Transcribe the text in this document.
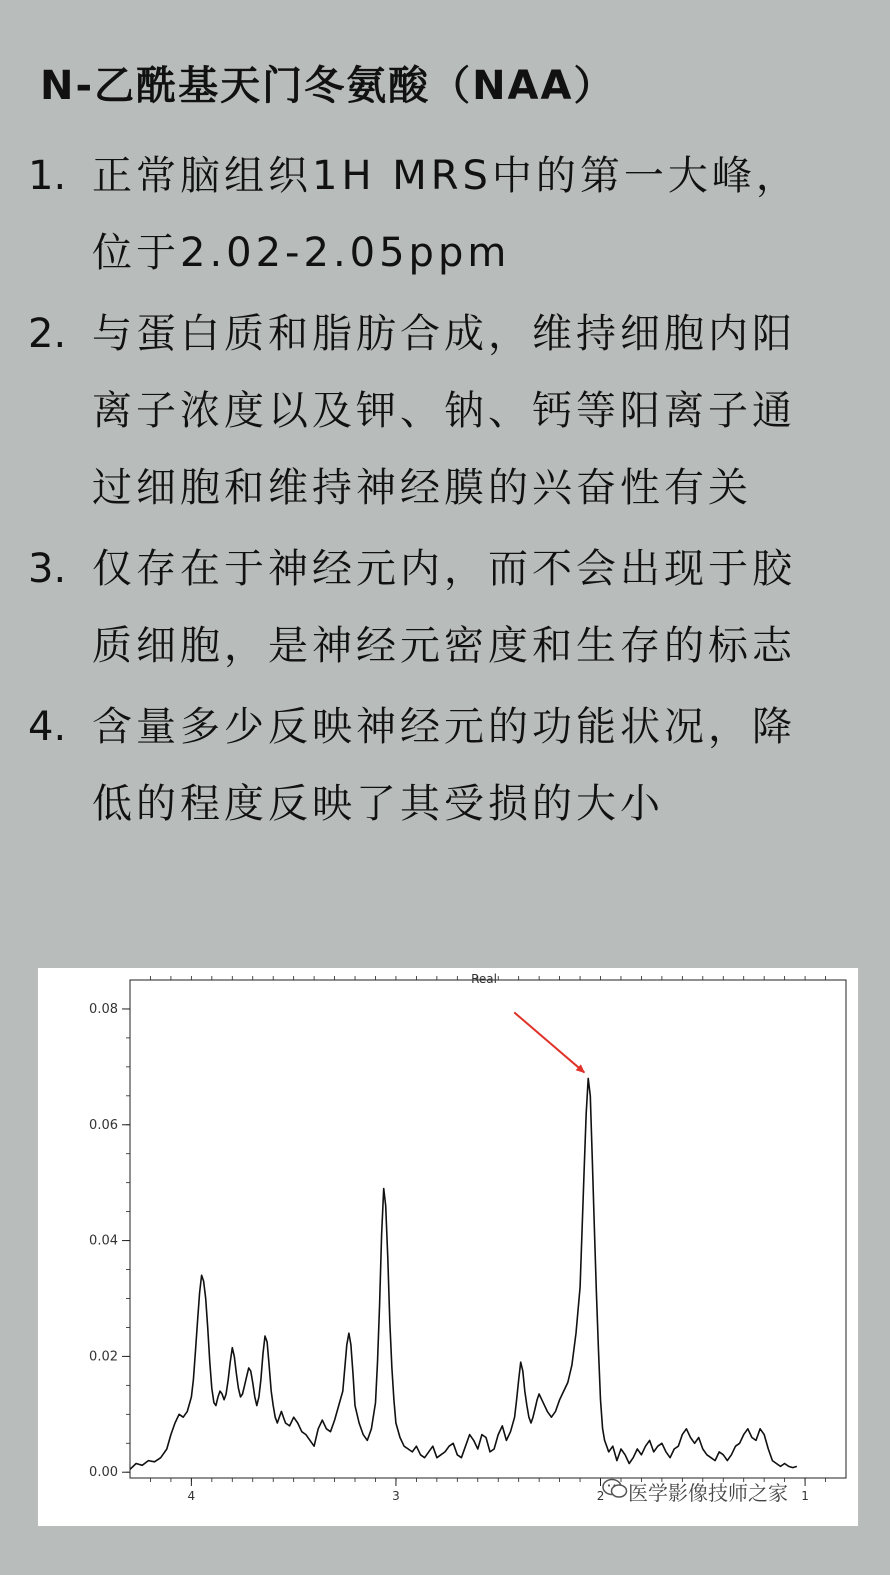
N-乙酰基天门冬氨酸（NAA）
1. 正常脑组织1H MRS中的第一大峰，位于2.02-2.05ppm
2. 与蛋白质和脂肪合成，维持细胞内阳离子浓度以及钾、钠、钙等阳离子通过细胞和维持神经膜的兴奋性有关
3. 仅存在于神经元内，而不会出现于胶质细胞，是神经元密度和生存的标志
4. 含量多少反映神经元的功能状况，降低的程度反映了其受损的大小
Real
0.00
0.02
0.04
0.06
0.08
4	3	2	1
医学影像技师之家
